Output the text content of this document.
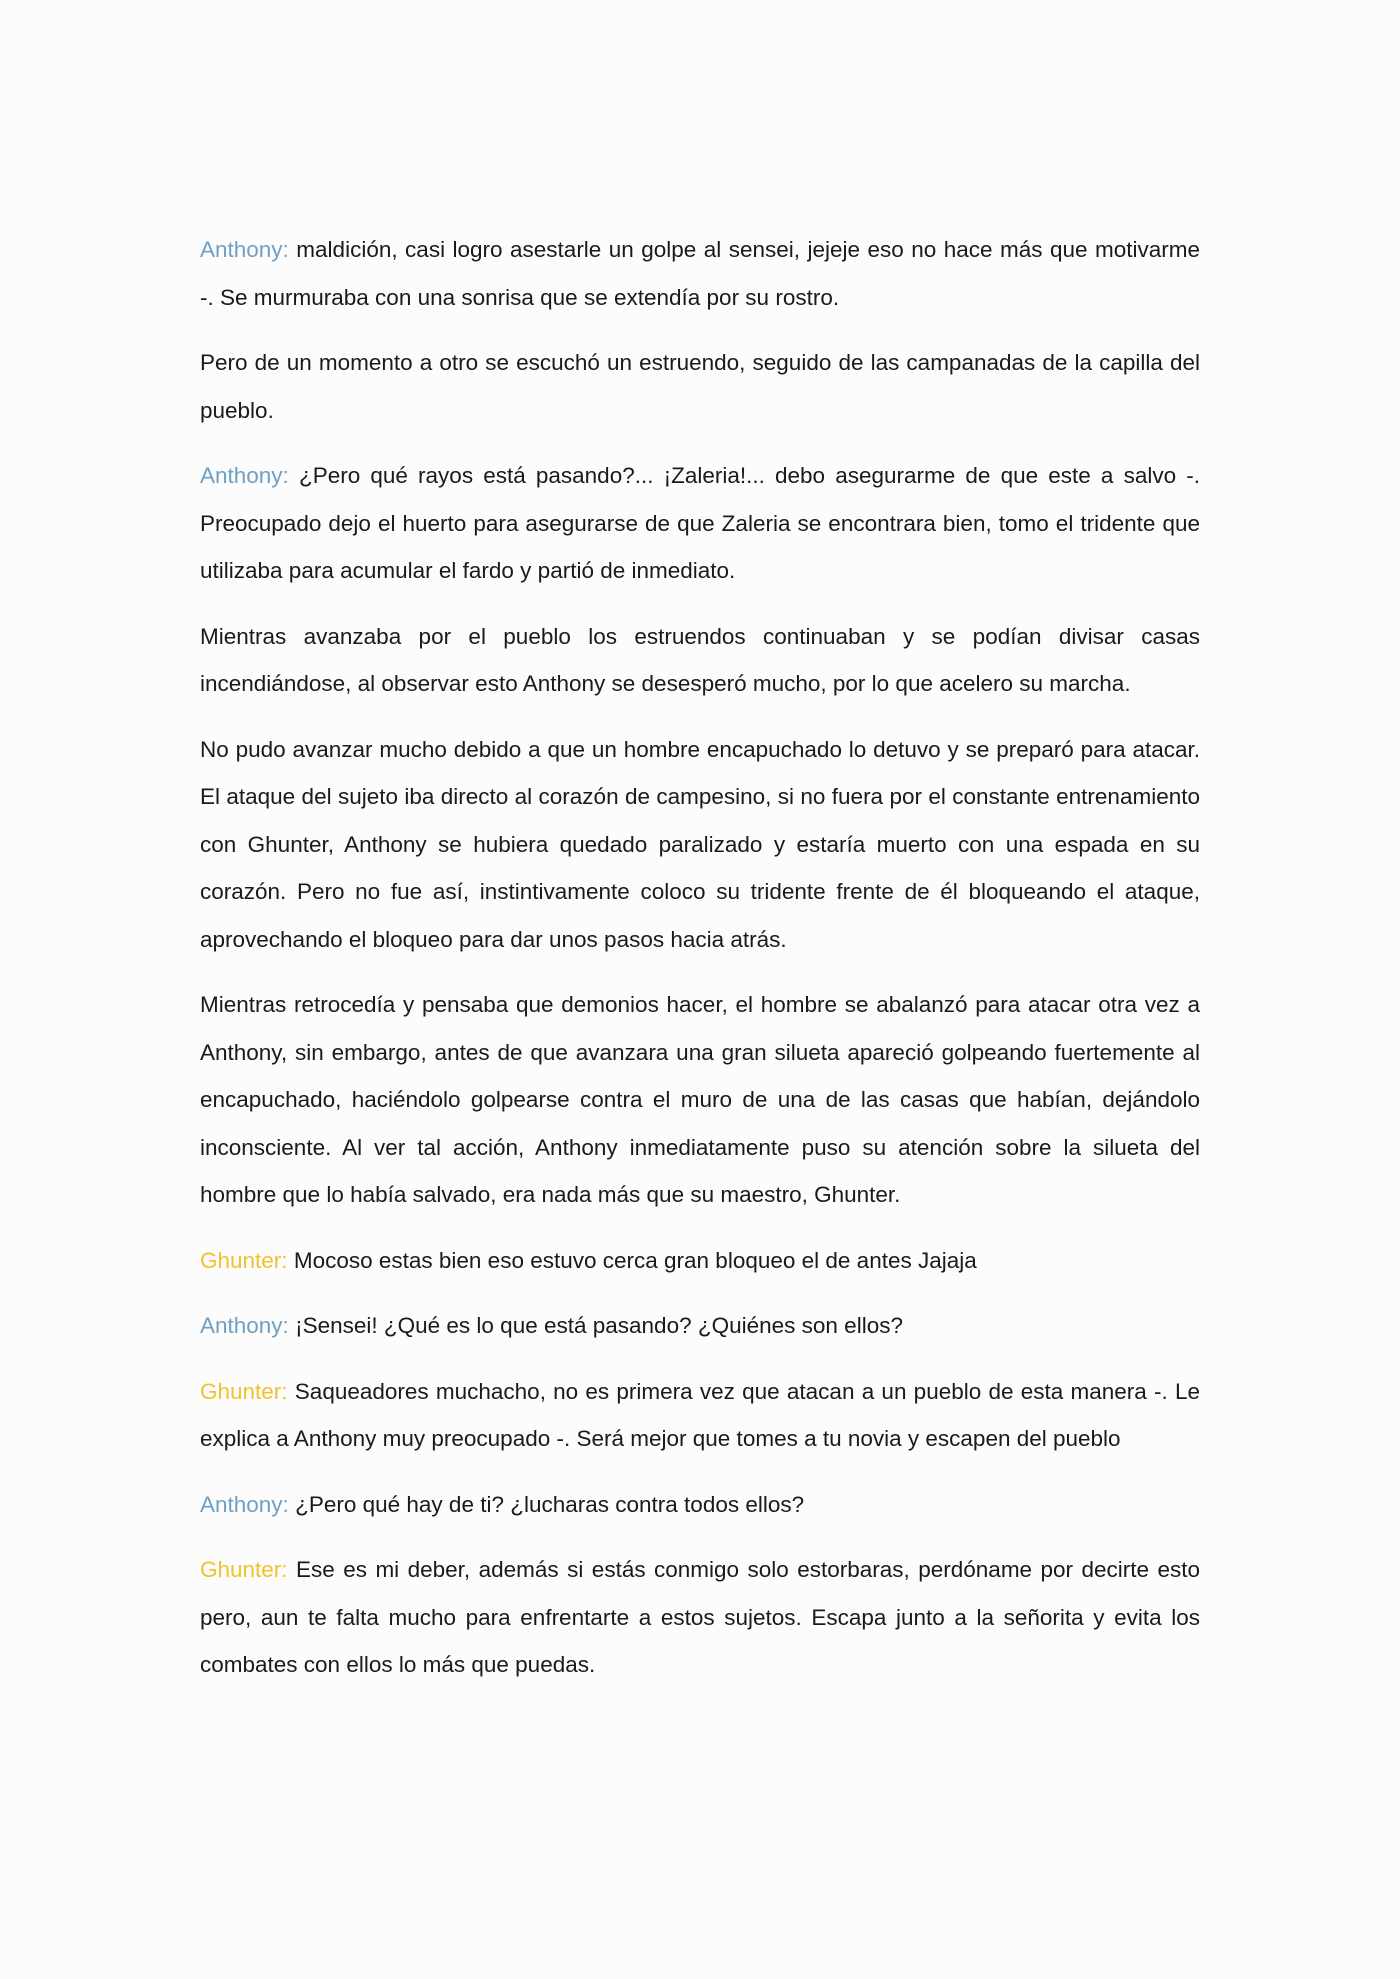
Anthony: maldición, casi logro asestarle un golpe al sensei, jejeje eso no hace más que motivarme -. Se murmuraba con una sonrisa que se extendía por su rostro.

Pero de un momento a otro se escuchó un estruendo, seguido de las campanadas de la capilla del pueblo.

Anthony: ¿Pero qué rayos está pasando?... ¡Zaleria!... debo asegurarme de que este a salvo -. Preocupado dejo el huerto para asegurarse de que Zaleria se encontrara bien, tomo el tridente que utilizaba para acumular el fardo y partió de inmediato.

Mientras avanzaba por el pueblo los estruendos continuaban y se podían divisar casas incendiándose, al observar esto Anthony se desesperó mucho, por lo que acelero su marcha.

No pudo avanzar mucho debido a que un hombre encapuchado lo detuvo y se preparó para atacar. El ataque del sujeto iba directo al corazón de campesino, si no fuera por el constante entrenamiento con Ghunter, Anthony se hubiera quedado paralizado y estaría muerto con una espada en su corazón. Pero no fue así, instintivamente coloco su tridente frente de él bloqueando el ataque, aprovechando el bloqueo para dar unos pasos hacia atrás.

Mientras retrocedía y pensaba que demonios hacer, el hombre se abalanzó para atacar otra vez a Anthony, sin embargo, antes de que avanzara una gran silueta apareció golpeando fuertemente al encapuchado, haciéndolo golpearse contra el muro de una de las casas que habían, dejándolo inconsciente. Al ver tal acción, Anthony inmediatamente puso su atención sobre la silueta del hombre que lo había salvado, era nada más que su maestro, Ghunter.

Ghunter: Mocoso estas bien eso estuvo cerca gran bloqueo el de antes Jajaja

Anthony: ¡Sensei! ¿Qué es lo que está pasando? ¿Quiénes son ellos?

Ghunter: Saqueadores muchacho, no es primera vez que atacan a un pueblo de esta manera -. Le explica a Anthony muy preocupado -. Será mejor que tomes a tu novia y escapen del pueblo

Anthony: ¿Pero qué hay de ti? ¿lucharas contra todos ellos?

Ghunter: Ese es mi deber, además si estás conmigo solo estorbaras, perdóname por decirte esto pero, aun te falta mucho para enfrentarte a estos sujetos. Escapa junto a la señorita y evita los combates con ellos lo más que puedas.
